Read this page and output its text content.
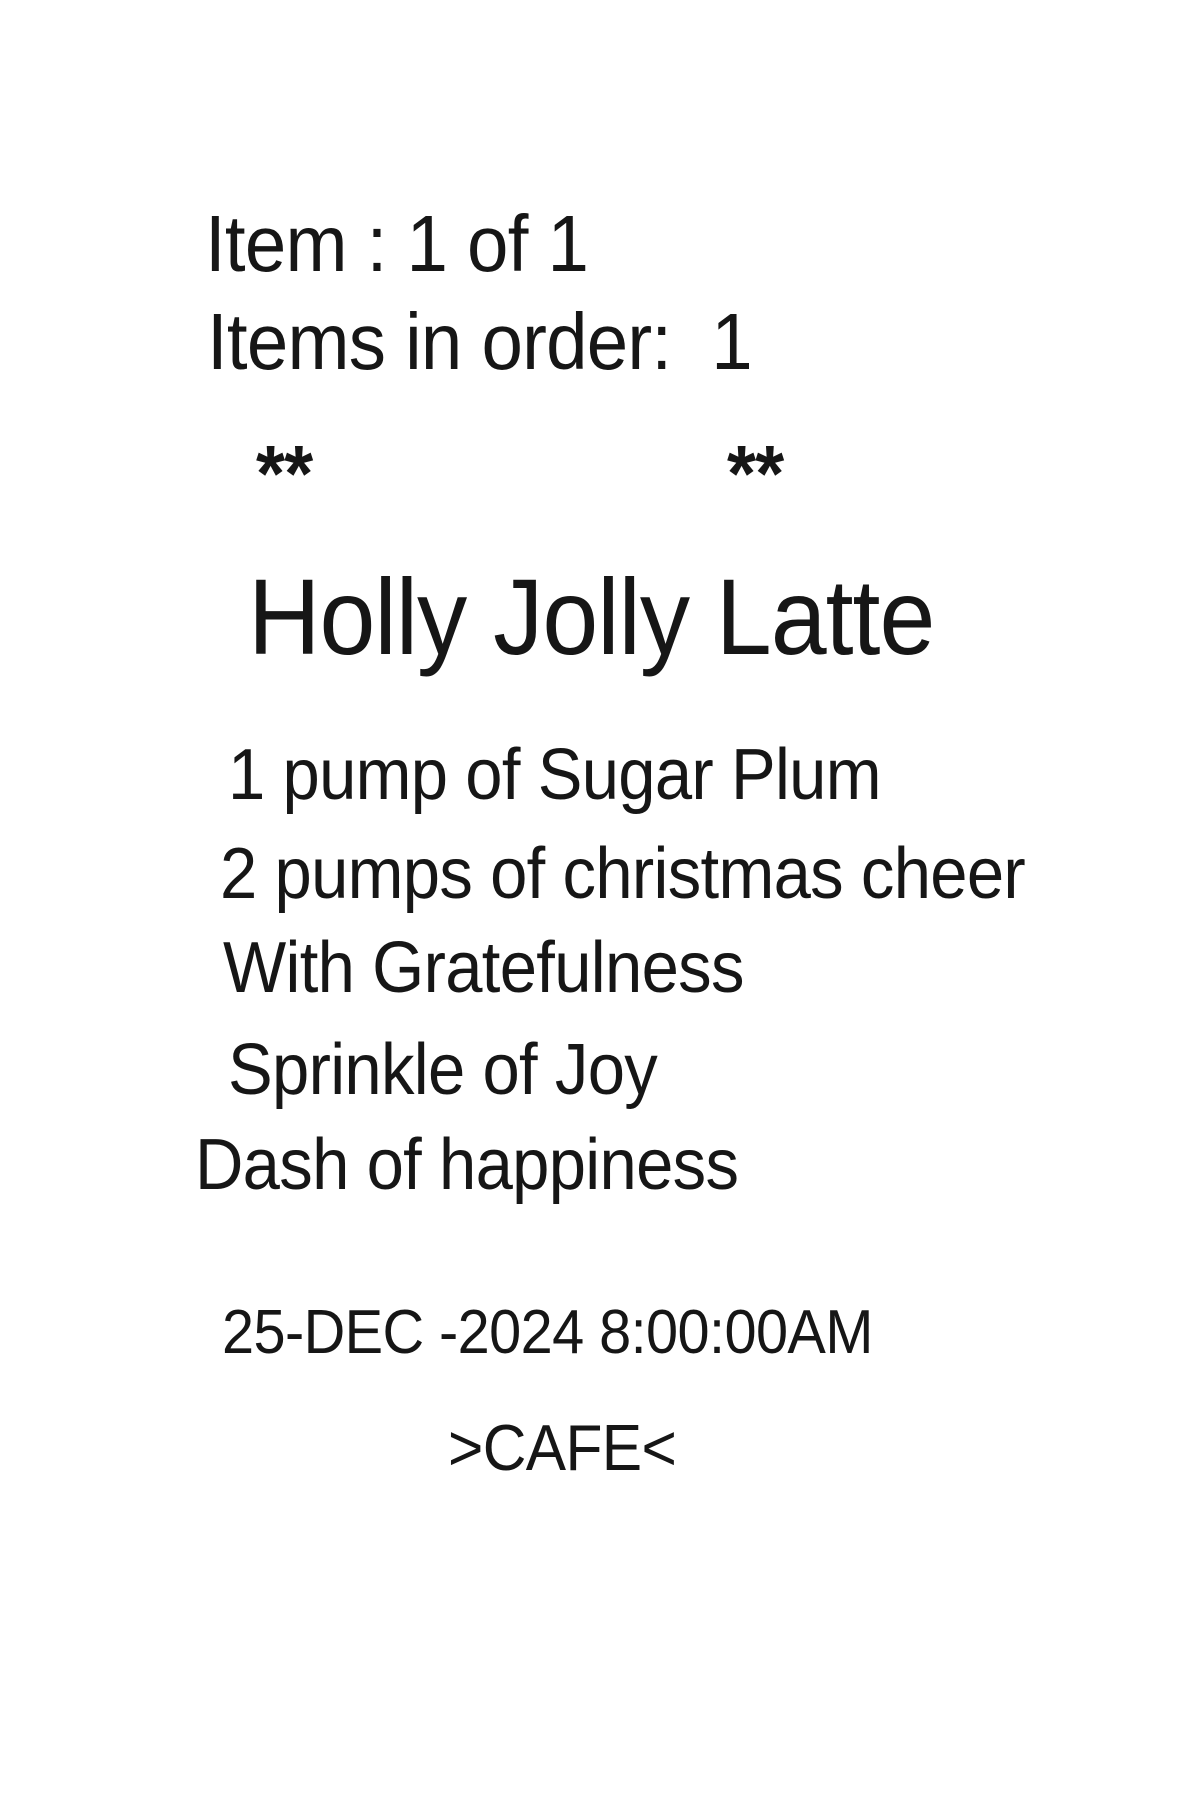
Item : 1 of 1
Items in order:  1
**	**
Holly Jolly Latte
1 pump of Sugar Plum
2 pumps of christmas cheer
With Gratefulness
Sprinkle of Joy
Dash of happiness
25-DEC -2024 8:00:00AM
>CAFE<
